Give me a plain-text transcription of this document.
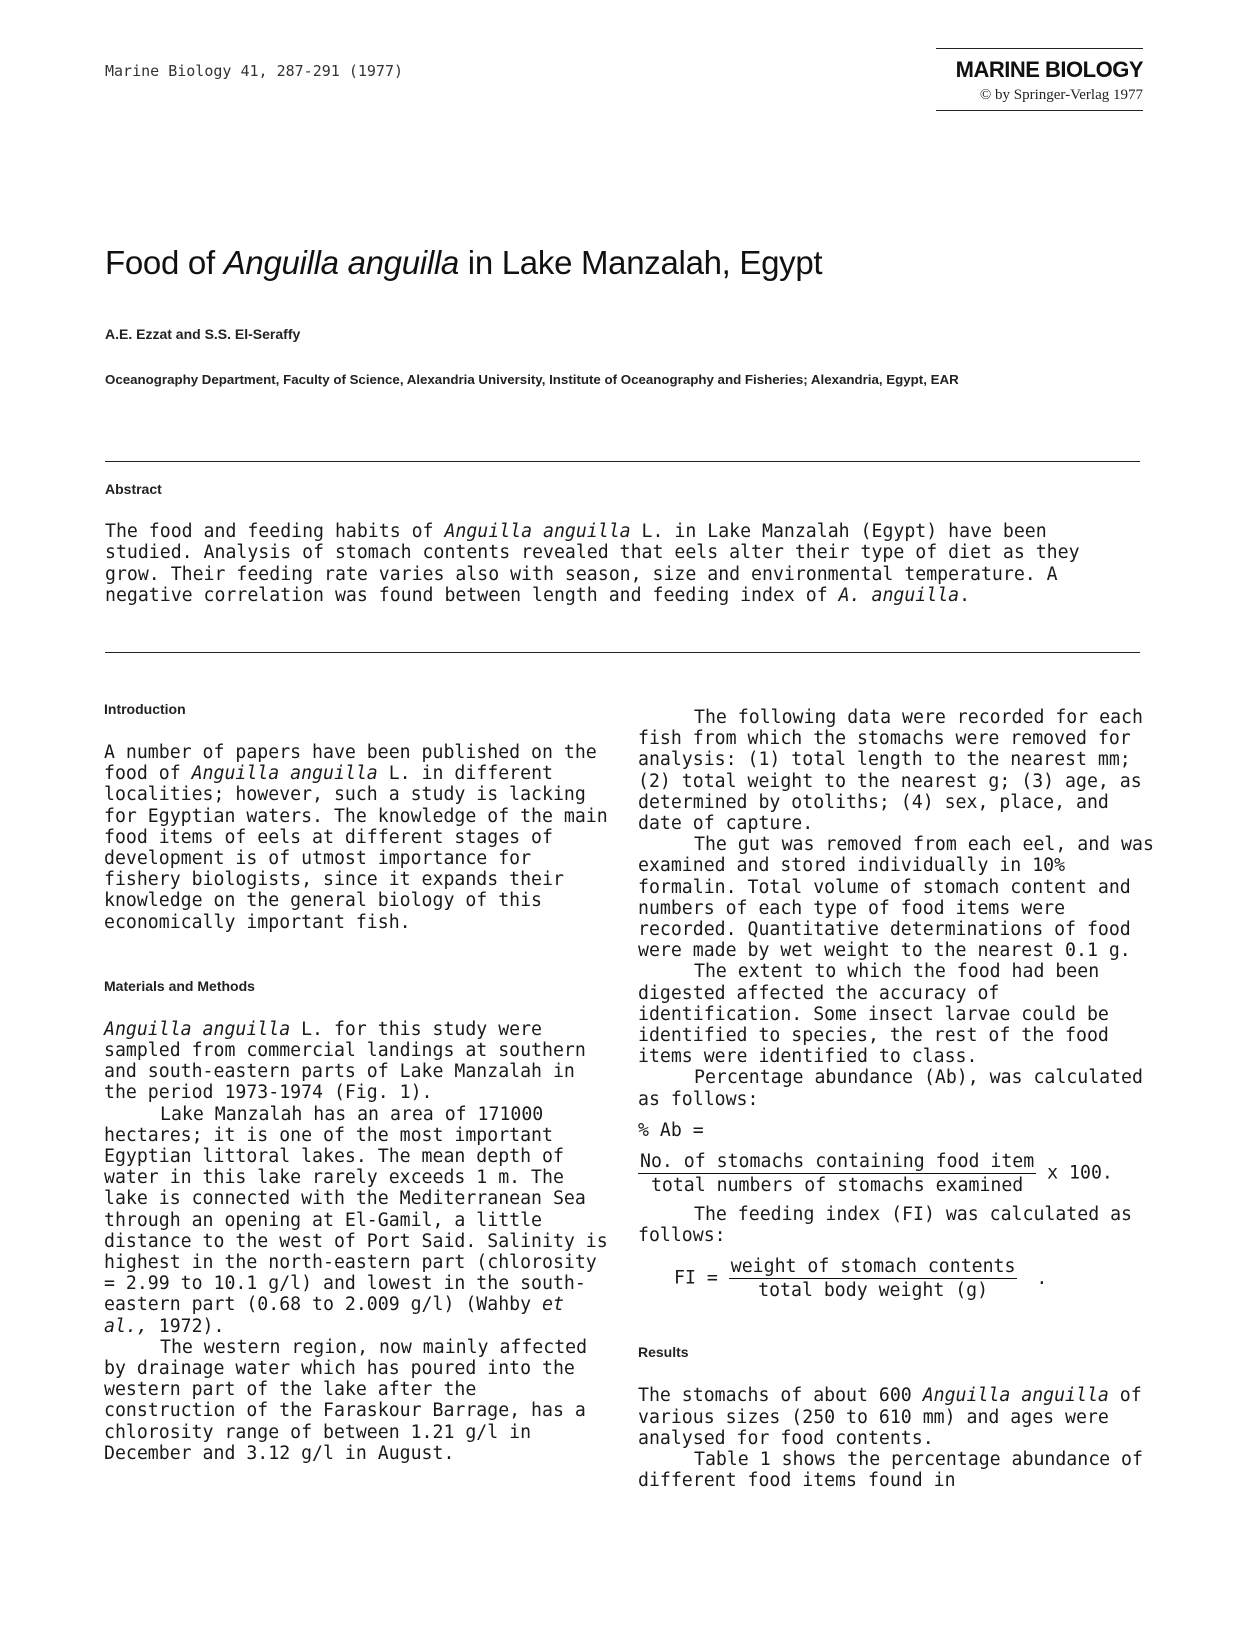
Marine Biology 41, 287-291 (1977)	MARINE BIOLOGY
© by Springer-Verlag 1977
Food of Anguilla anguilla in Lake Manzalah, Egypt
A.E. Ezzat and S.S. El-Seraffy
Oceanography Department, Faculty of Science, Alexandria University, Institute of Oceanography and Fisheries; Alexandria, Egypt, EAR
Abstract

The food and feeding habits of Anguilla anguilla L. in Lake Manzalah (Egypt) have been studied. Analysis of stomach contents revealed that eels alter their type of diet as they grow. Their feeding rate varies also with season, size and environmental temperature. A negative correlation was found between length and feeding index of A. anguilla.

Introduction

A number of papers have been published on the food of Anguilla anguilla L. in different localities; however, such a study is lacking for Egyptian waters. The knowledge of the main food items of eels at different stages of development is of utmost importance for fishery biologists, since it expands their knowledge on the general biology of this economically important fish.

Materials and Methods

Anguilla anguilla L. for this study were sampled from commercial landings at southern and south-eastern parts of Lake Manzalah in the period 1973-1974 (Fig. 1).

Lake Manzalah has an area of 171000 hectares; it is one of the most important Egyptian littoral lakes. The mean depth of water in this lake rarely exceeds 1 m. The lake is connected with the Mediterranean Sea through an opening at El-Gamil, a little distance to the west of Port Said. Salinity is highest in the north-eastern part (chlorosity = 2.99 to 10.1 g/l) and lowest in the south-eastern part (0.68 to 2.009 g/l) (Wahby et al., 1972).

The western region, now mainly affected by drainage water which has poured into the western part of the lake after the construction of the Faraskour Barrage, has a chlorosity range of between 1.21 g/l in December and 3.12 g/l in August.

The following data were recorded for each fish from which the stomachs were removed for analysis: (1) total length to the nearest mm; (2) total weight to the nearest g; (3) age, as determined by otoliths; (4) sex, place, and date of capture.

The gut was removed from each eel, and was examined and stored individually in 10% formalin. Total volume of stomach content and numbers of each type of food items were recorded. Quantitative determinations of food were made by wet weight to the nearest 0.1 g.

The extent to which the food had been digested affected the accuracy of identification. Some insect larvae could be identified to species, the rest of the food items were identified to class.

Percentage abundance (Ab), was calculated as follows:

% Ab =
$\frac{\text{No. of stomachs containing food item}}{\text{total numbers of stomachs examined}}$ x 100.

The feeding index (FI) was calculated as follows:

FI = $\frac{\text{weight of stomach contents}}{\text{total body weight (g)}}$ .
Results

The stomachs of about 600 Anguilla anguilla of various sizes (250 to 610 mm) and ages were analysed for food contents.

Table 1 shows the percentage abundance of different food items found in
